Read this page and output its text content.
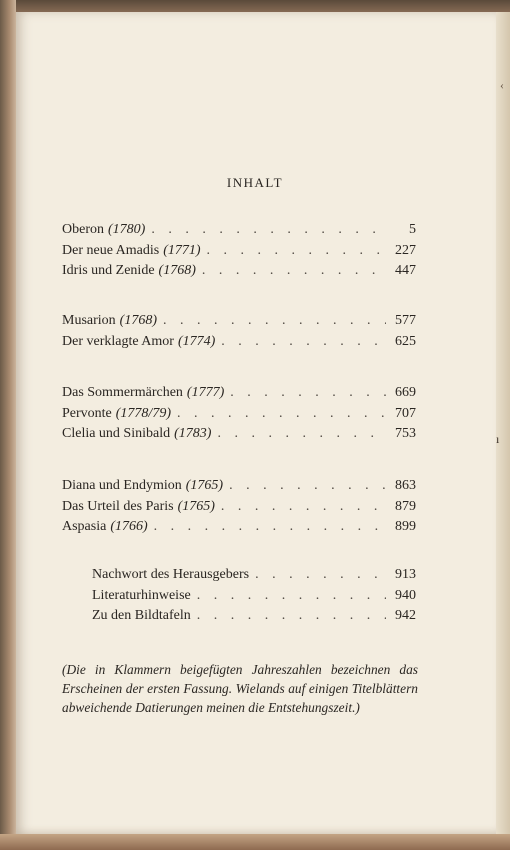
INHALT
Oberon (1780) . . .	5
Der neue Amadis (1771) . . .	227
Idris und Zenide (1768) . . .	447
Musarion (1768) . . .	577
Der verklagte Amor (1774) . . .	625
Das Sommermärchen (1777) . . .	669
Pervonte (1778/79) . . .	707
Clelia und Sinibald (1783) . . .	753
Diana und Endymion (1765) . . .	863
Das Urteil des Paris (1765) . . .	879
Aspasia (1766) . . .	899
Nachwort des Herausgebers . . .	913
Literaturhinweise . . .	940
Zu den Bildtafeln . . .	942
(Die in Klammern beigefügten Jahreszahlen bezeichnen das Erscheinen der ersten Fassung. Wielands auf einigen Titelblättern abweichende Datierungen meinen die Entstehungszeit.)
ı
‹
